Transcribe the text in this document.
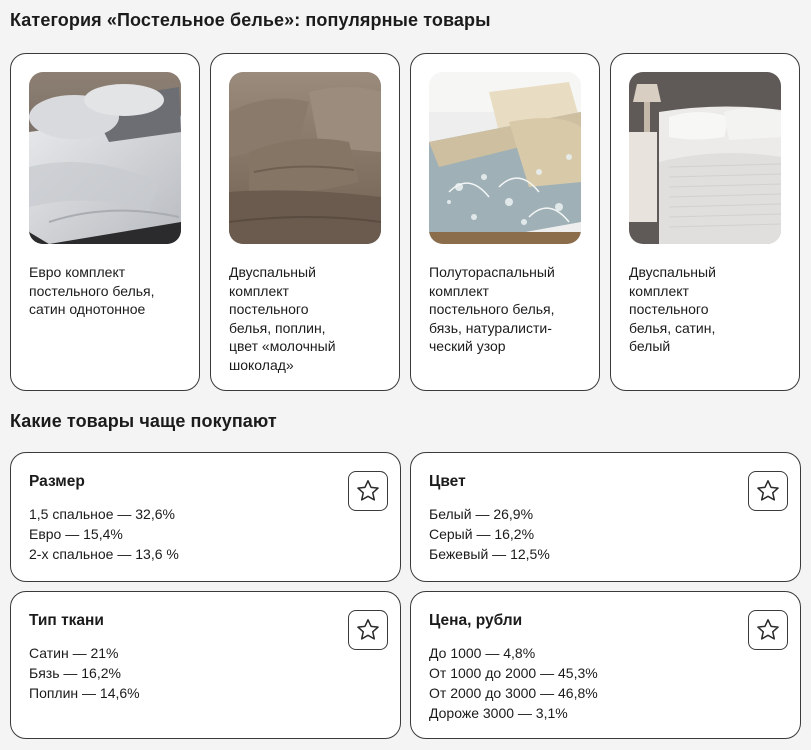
Категория «Постельное белье»: популярные товары
Евро комплект
постельного белья,
сатин однотонное
Двуспальный
комплект
постельного
белья, поплин,
цвет «молочный
шоколад»
Полутораспальный
комплект
постельного белья,
бязь, натуралисти-
ческий узор
Двуспальный
комплект
постельного
белья, сатин,
белый
Какие товары чаще покупают
Размер
1,5 спальное — 32,6%
Евро — 15,4%
2-х спальное — 13,6 %
Цвет
Белый — 26,9%
Серый — 16,2%
Бежевый — 12,5%
Тип ткани
Сатин — 21%
Бязь — 16,2%
Поплин — 14,6%
Цена, рубли
До 1000 — 4,8%
От 1000 до 2000 — 45,3%
От 2000 до 3000 — 46,8%
Дороже 3000 — 3,1%
